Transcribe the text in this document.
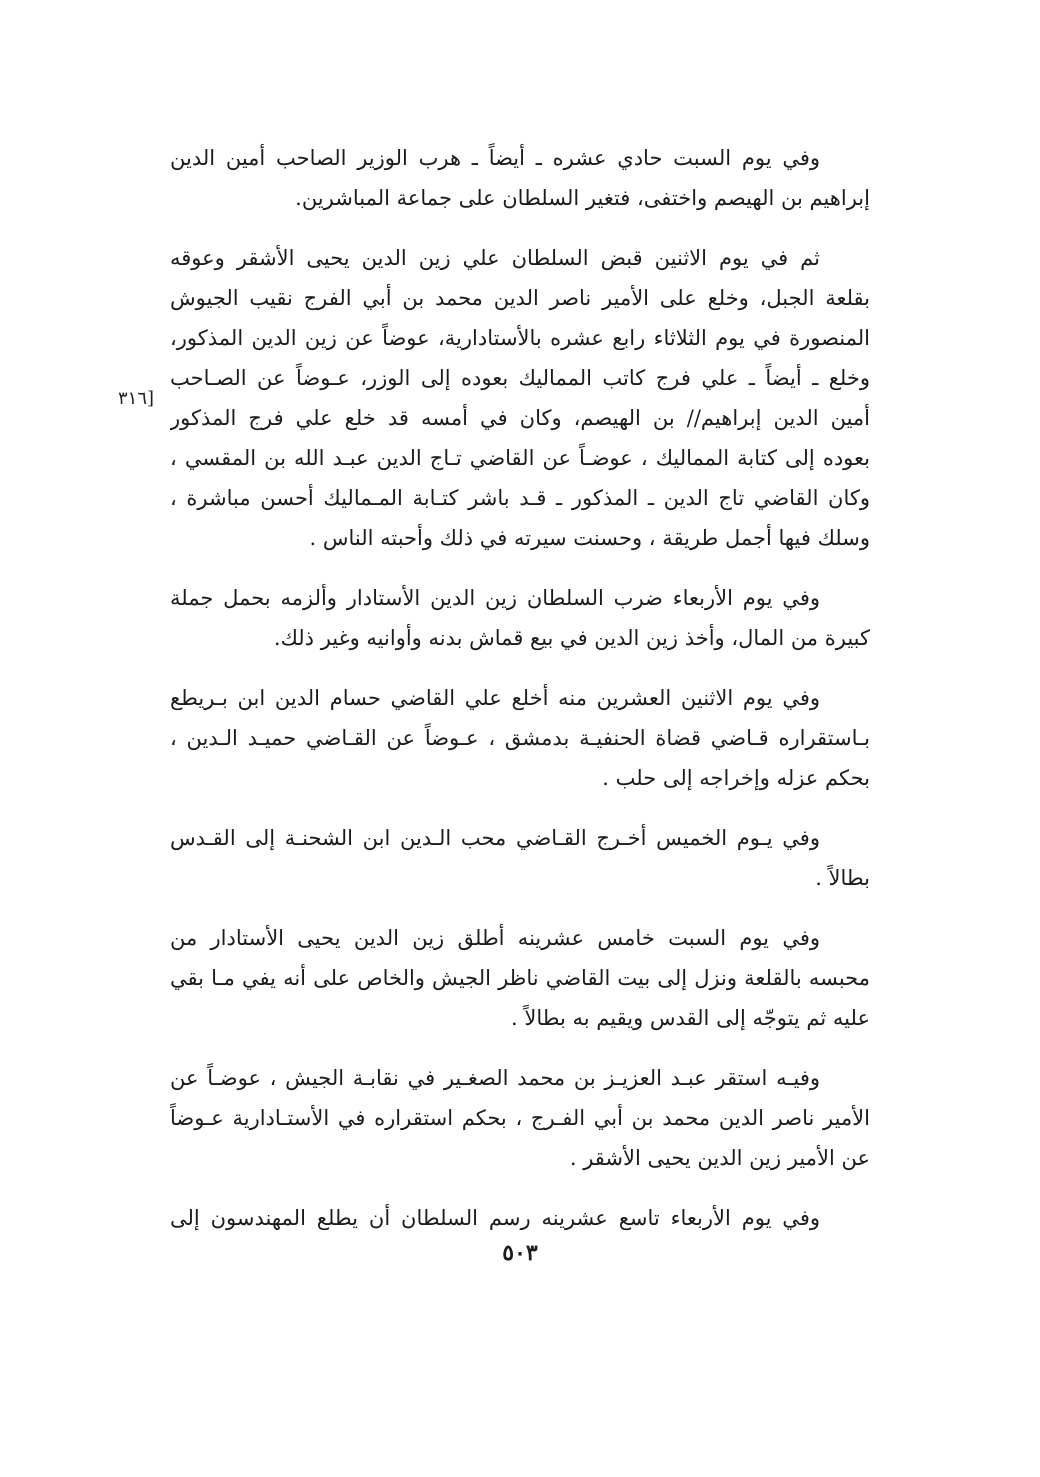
[٣١٦
وفي يوم السبت حادي عشره ـ أيضاً ـ هرب الوزير الصاحب أمين الدين
إبراهيم بن الهيصم واختفى، فتغير السلطان على جماعة المباشرين.
ثم في يوم الاثنين قبض السلطان علي زين الدين يحيى الأشقر وعوقه
بقلعة الجبل، وخلع على الأمير ناصر الدين محمد بن أبي الفرج نقيب الجيوش
المنصورة في يوم الثلاثاء رابع عشره بالأستادارية، عوضاً عن زين الدين المذكور،
وخلع ـ أيضاً ـ علي فرج كاتب المماليك بعوده إلى الوزر، عـوضاً عن الصـاحب
أمين الدين إبراهيم// بن الهيصم، وكان في أمسه قد خلع علي فرج المذكور
بعوده إلى كتابة المماليك ، عوضـاً عن القاضي تـاج الدين عبـد الله بن المقسي ،
وكان القاضي تاج الدين ـ المذكور ـ قـد باشر كتـابة المـماليك أحسن مباشرة ،
وسلك فيها أجمل طريقة ، وحسنت سيرته في ذلك وأحبته الناس .
وفي يوم الأربعاء ضرب السلطان زين الدين الأستادار وألزمه بحمل جملة
كبيرة من المال، وأخذ زين الدين في بيع قماش بدنه وأوانيه وغير ذلك.
وفي يوم الاثنين العشرين منه أخلع علي القاضي حسام الدين ابن بـريطع
بـاستقراره قـاضي قضاة الحنفيـة بدمشق ، عـوضاً عن القـاضي حميـد الـدين ،
بحكم عزله وإخراجه إلى حلب .
وفي يـوم الخميس أخـرج القـاضي محب الـدين ابن الشحنـة إلى القـدس
بطالاً .
وفي يوم السبت خامس عشرينه أطلق زين الدين يحيى الأستادار من
محبسه بالقلعة ونزل إلى بيت القاضي ناظر الجيش والخاص على أنه يفي مـا بقي
عليه ثم يتوجّه إلى القدس ويقيم به بطالاً .
وفيـه استقر عبـد العزيـز بن محمد الصغـير في نقابـة الجيش ، عوضـاً عن
الأمير ناصر الدين محمد بن أبي الفـرج ، بحكم استقراره في الأستـادارية عـوضاً
عن الأمير زين الدين يحيى الأشقر .
وفي يوم الأربعاء تاسع عشرينه رسم السلطان أن يطلع المهندسون إلى
٥٠٣
